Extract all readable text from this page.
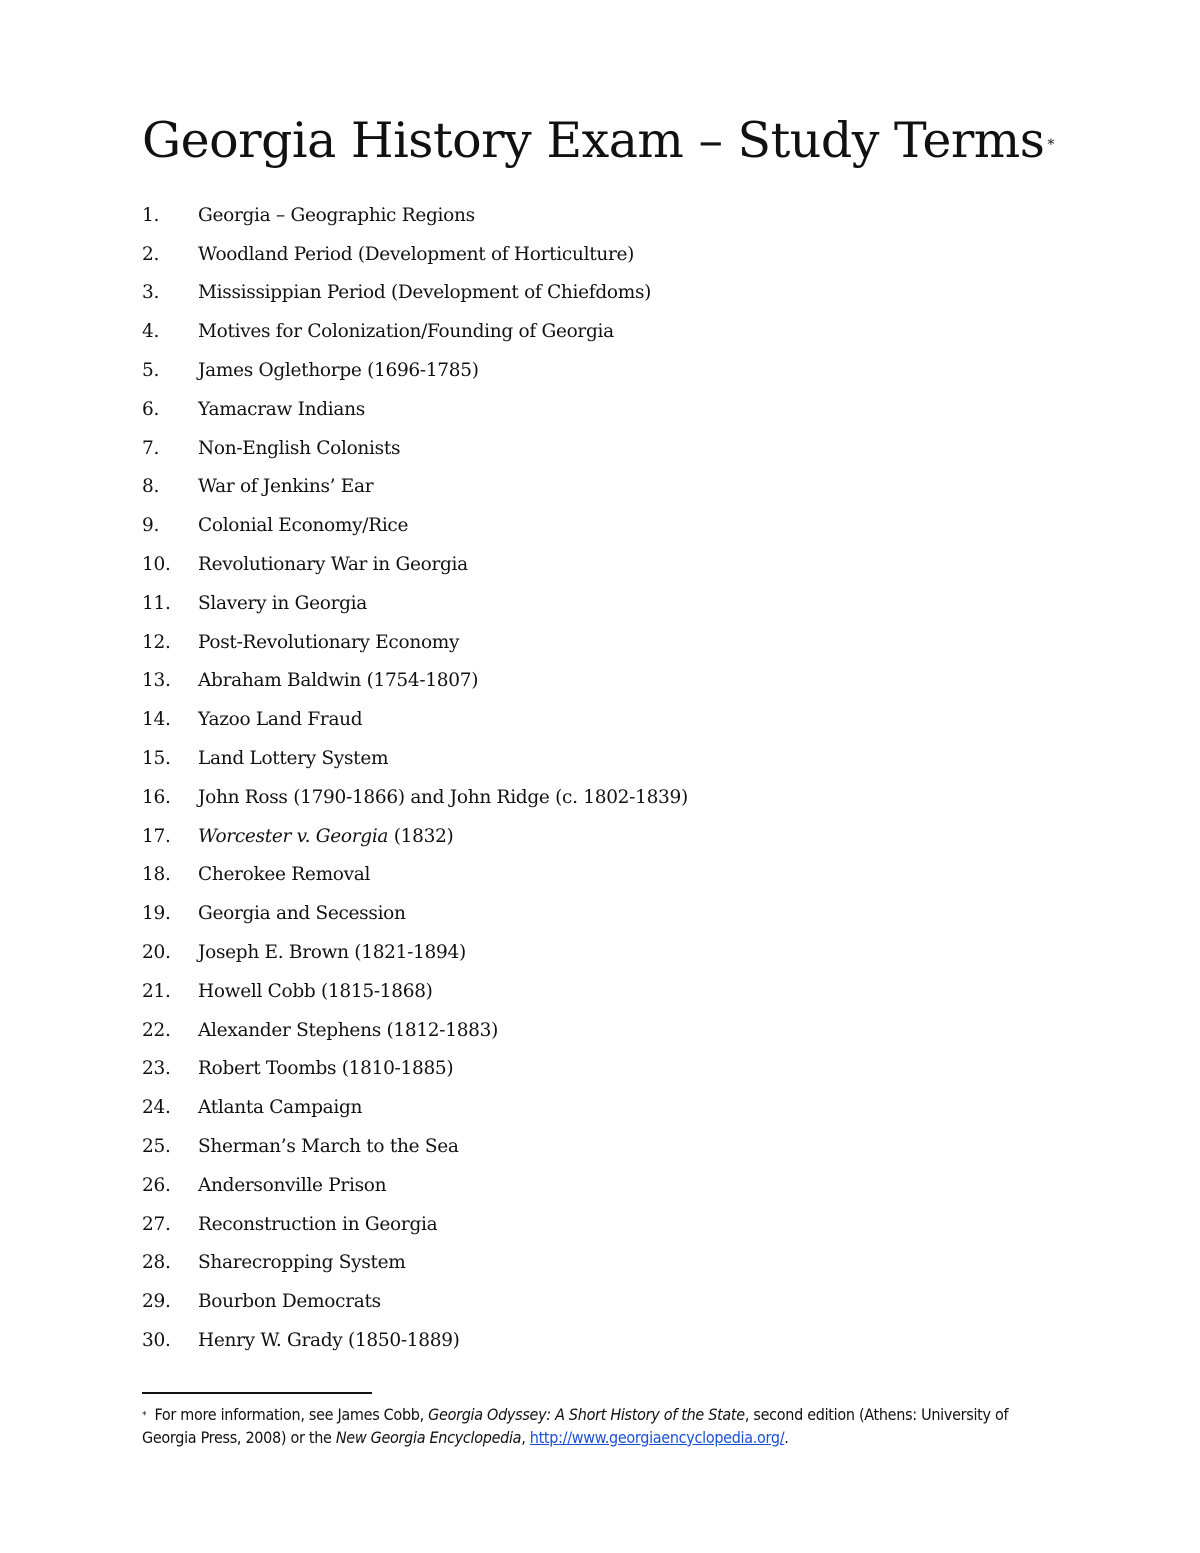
Georgia History Exam – Study Terms *
1.	Georgia – Geographic Regions
2.	Woodland Period (Development of Horticulture)
3.	Mississippian Period (Development of Chiefdoms)
4.	Motives for Colonization/Founding of Georgia
5.	James Oglethorpe (1696-1785)
6.	Yamacraw Indians
7.	Non-English Colonists
8.	War of Jenkins’ Ear
9.	Colonial Economy/Rice
10.	Revolutionary War in Georgia
11.	Slavery in Georgia
12.	Post-Revolutionary Economy
13.	Abraham Baldwin (1754-1807)
14.	Yazoo Land Fraud
15.	Land Lottery System
16.	John Ross (1790-1866) and John Ridge (c. 1802-1839)
17.	Worcester v. Georgia (1832)
18.	Cherokee Removal
19.	Georgia and Secession
20.	Joseph E. Brown (1821-1894)
21.	Howell Cobb (1815-1868)
22.	Alexander Stephens (1812-1883)
23.	Robert Toombs (1810-1885)
24.	Atlanta Campaign
25.	Sherman’s March to the Sea
26.	Andersonville Prison
27.	Reconstruction in Georgia
28.	Sharecropping System
29.	Bourbon Democrats
30.	Henry W. Grady (1850-1889)

* For more information, see James Cobb, Georgia Odyssey: A Short History of the State, second edition (Athens: University of Georgia Press, 2008) or the New Georgia Encyclopedia, http://www.georgiaencyclopedia.org/.
